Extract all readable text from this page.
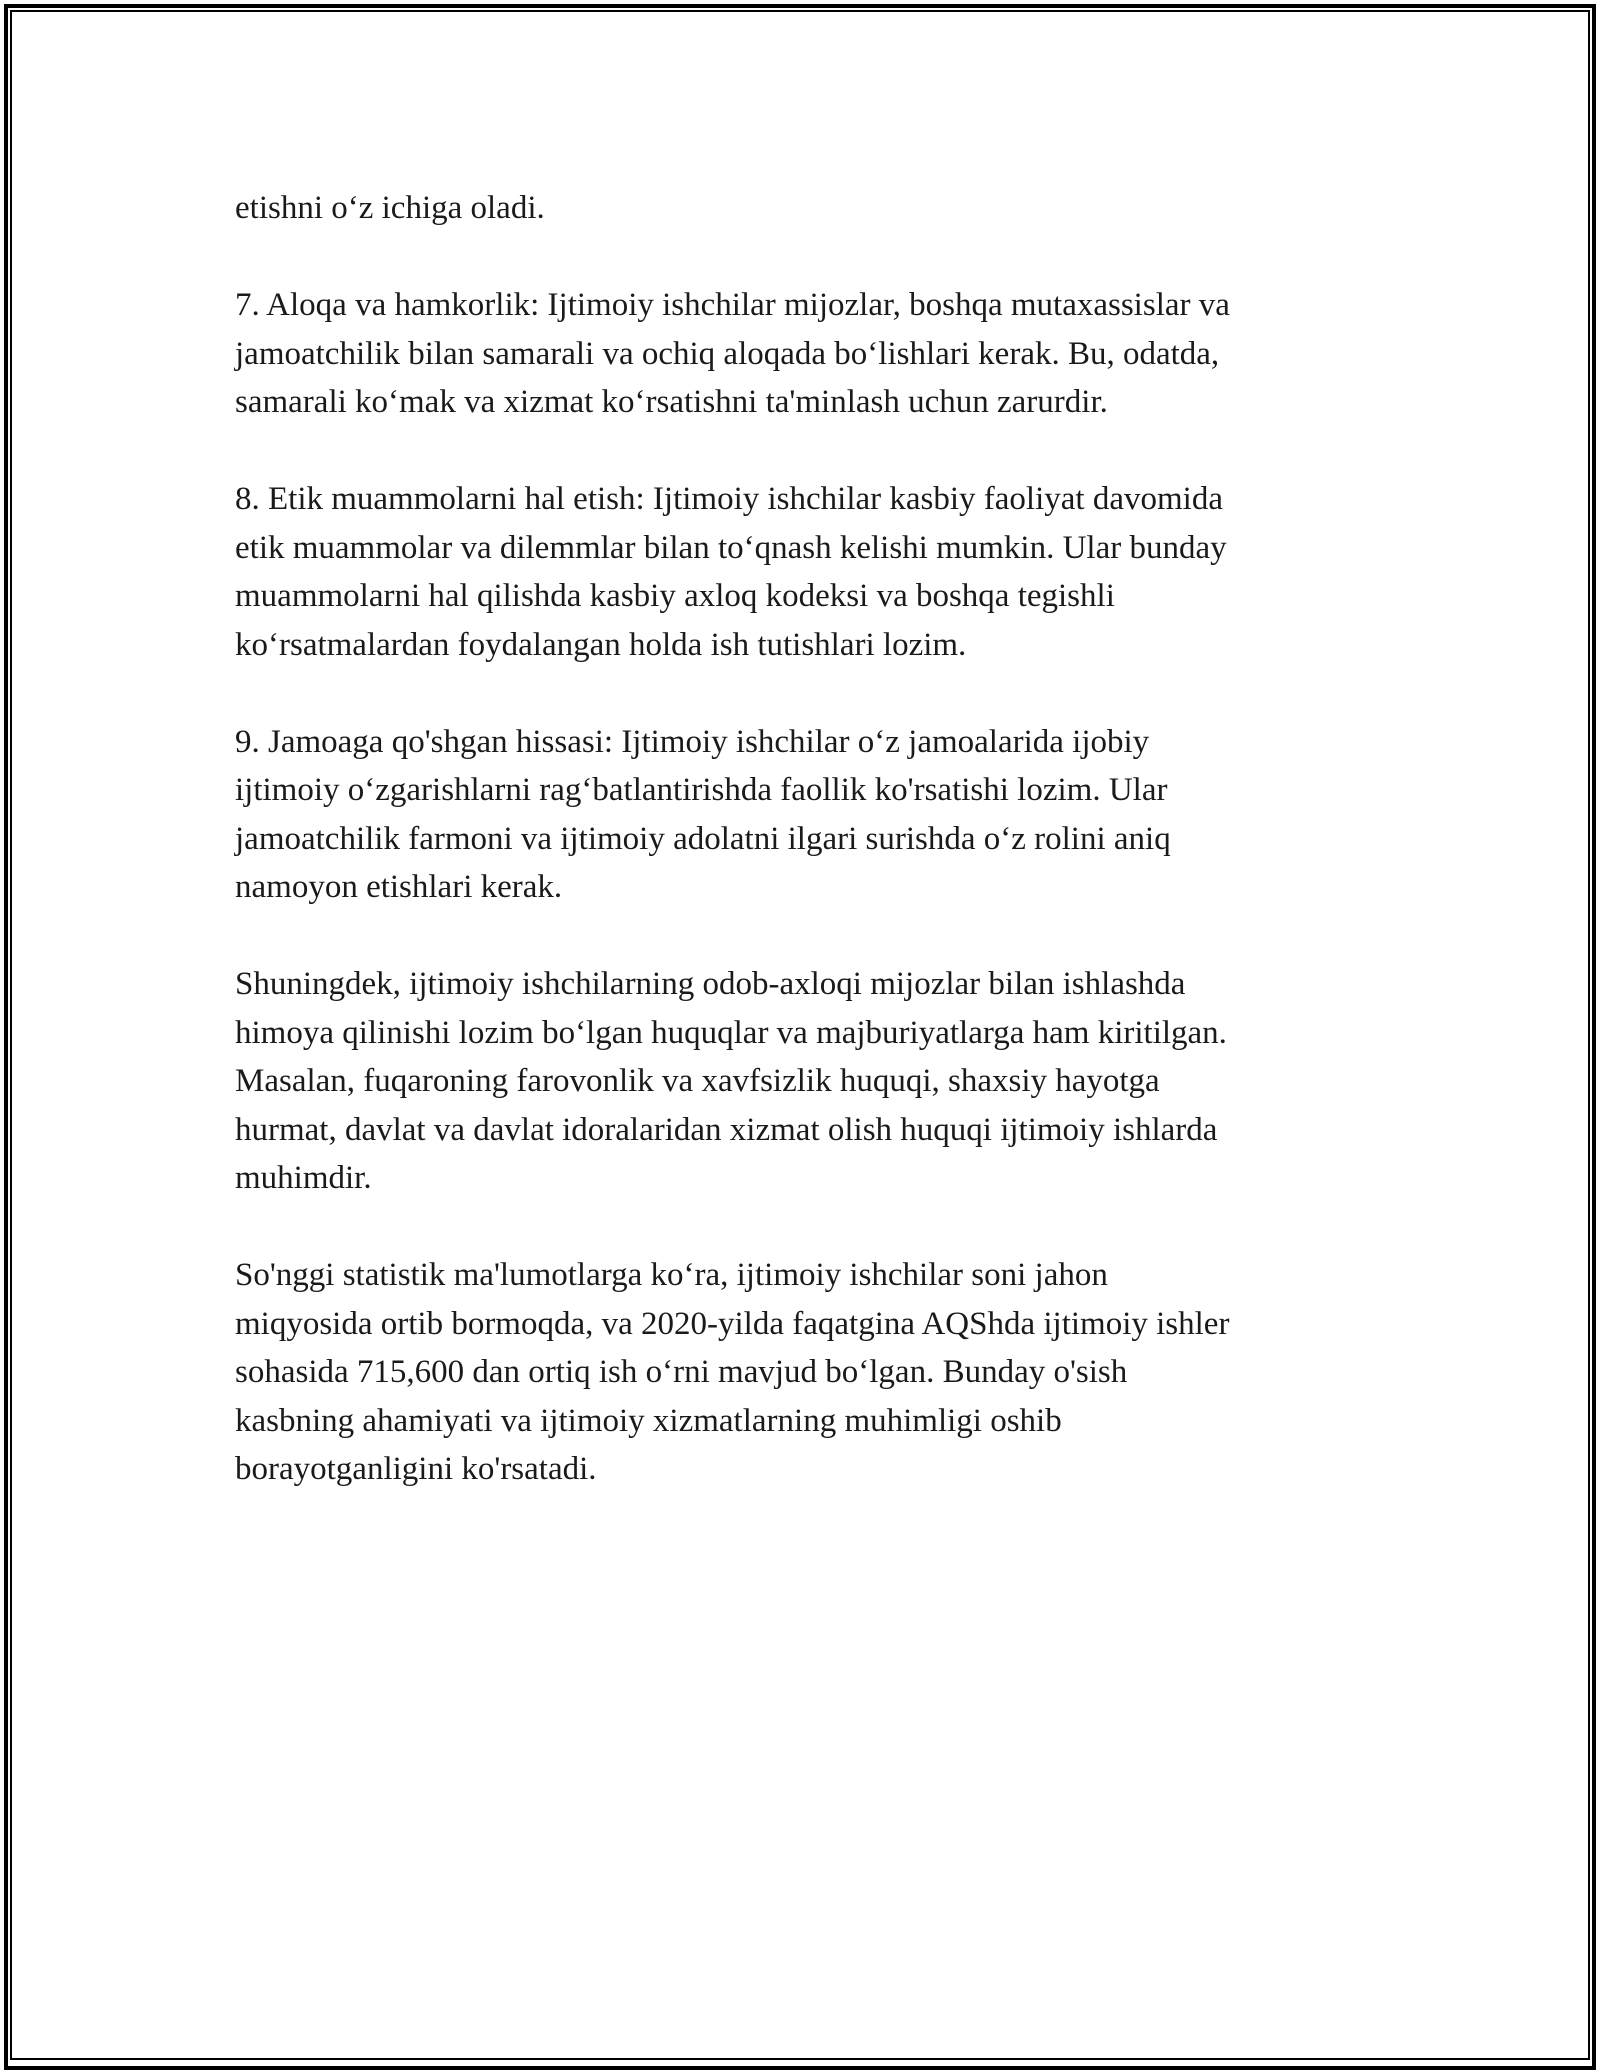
etishni o‘z ichiga oladi.

7. Aloqa va hamkorlik: Ijtimoiy ishchilar mijozlar, boshqa mutaxassislar va
jamoatchilik bilan samarali va ochiq aloqada bo‘lishlari kerak. Bu, odatda,
samarali ko‘mak va xizmat ko‘rsatishni ta'minlash uchun zarurdir.

8. Etik muammolarni hal etish: Ijtimoiy ishchilar kasbiy faoliyat davomida
etik muammolar va dilemmlar bilan to‘qnash kelishi mumkin. Ular bunday
muammolarni hal qilishda kasbiy axloq kodeksi va boshqa tegishli
ko‘rsatmalardan foydalangan holda ish tutishlari lozim.

9. Jamoaga qo'shgan hissasi: Ijtimoiy ishchilar o‘z jamoalarida ijobiy
ijtimoiy o‘zgarishlarni rag‘batlantirishda faollik ko'rsatishi lozim. Ular
jamoatchilik farmoni va ijtimoiy adolatni ilgari surishda o‘z rolini aniq
namoyon etishlari kerak.

Shuningdek, ijtimoiy ishchilarning odob-axloqi mijozlar bilan ishlashda
himoya qilinishi lozim bo‘lgan huquqlar va majburiyatlarga ham kiritilgan.
Masalan, fuqaroning farovonlik va xavfsizlik huquqi, shaxsiy hayotga
hurmat, davlat va davlat idoralaridan xizmat olish huquqi ijtimoiy ishlarda
muhimdir.

So'nggi statistik ma'lumotlarga ko‘ra, ijtimoiy ishchilar soni jahon
miqyosida ortib bormoqda, va 2020-yilda faqatgina AQShda ijtimoiy ishler
sohasida 715,600 dan ortiq ish o‘rni mavjud bo‘lgan. Bunday o'sish
kasbning ahamiyati va ijtimoiy xizmatlarning muhimligi oshib
borayotganligini ko'rsatadi.
